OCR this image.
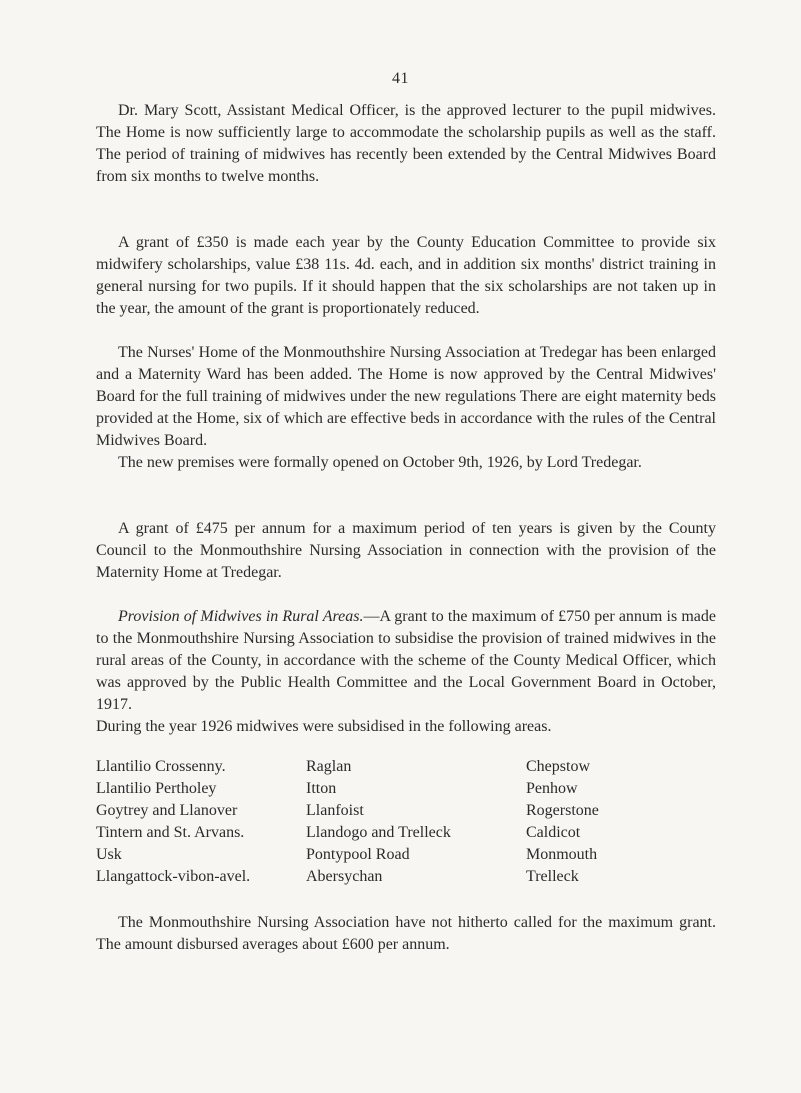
41

Dr. Mary Scott, Assistant Medical Officer, is the approved lecturer to the pupil midwives. The Home is now sufficiently large to accommodate the scholarship pupils as well as the staff. The period of training of midwives has recently been extended by the Central Midwives Board from six months to twelve months.

A grant of £350 is made each year by the County Education Committee to provide six midwifery scholarships, value £38 11s. 4d. each, and in addition six months' district training in general nursing for two pupils. If it should happen that the six scholarships are not taken up in the year, the amount of the grant is proportionately reduced.

The Nurses' Home of the Monmouthshire Nursing Association at Tredegar has been enlarged and a Maternity Ward has been added. The Home is now approved by the Central Midwives' Board for the full training of midwives under the new regulations There are eight maternity beds provided at the Home, six of which are effective beds in accordance with the rules of the Central Midwives Board.

The new premises were formally opened on October 9th, 1926, by Lord Tredegar.

A grant of £475 per annum for a maximum period of ten years is given by the County Council to the Monmouthshire Nursing Association in connection with the provision of the Maternity Home at Tredegar.

Provision of Midwives in Rural Areas.—A grant to the maximum of £750 per annum is made to the Monmouthshire Nursing Association to subsidise the provision of trained midwives in the rural areas of the County, in accordance with the scheme of the County Medical Officer, which was approved by the Public Health Committee and the Local Government Board in October, 1917.

During the year 1926 midwives were subsidised in the following areas.

Llantilio Crossenny.
Llantilio Pertholey
Goytrey and Llanover
Tintern and St. Arvans.
Usk
Llangattock-vibon-avel.
Raglan
Itton
Llanfoist
Llandogo and Trelleck
Pontypool Road
Abersychan
Chepstow
Penhow
Rogerstone
Caldicot
Monmouth
Trelleck

The Monmouthshire Nursing Association have not hitherto called for the maximum grant. The amount disbursed averages about £600 per annum.
